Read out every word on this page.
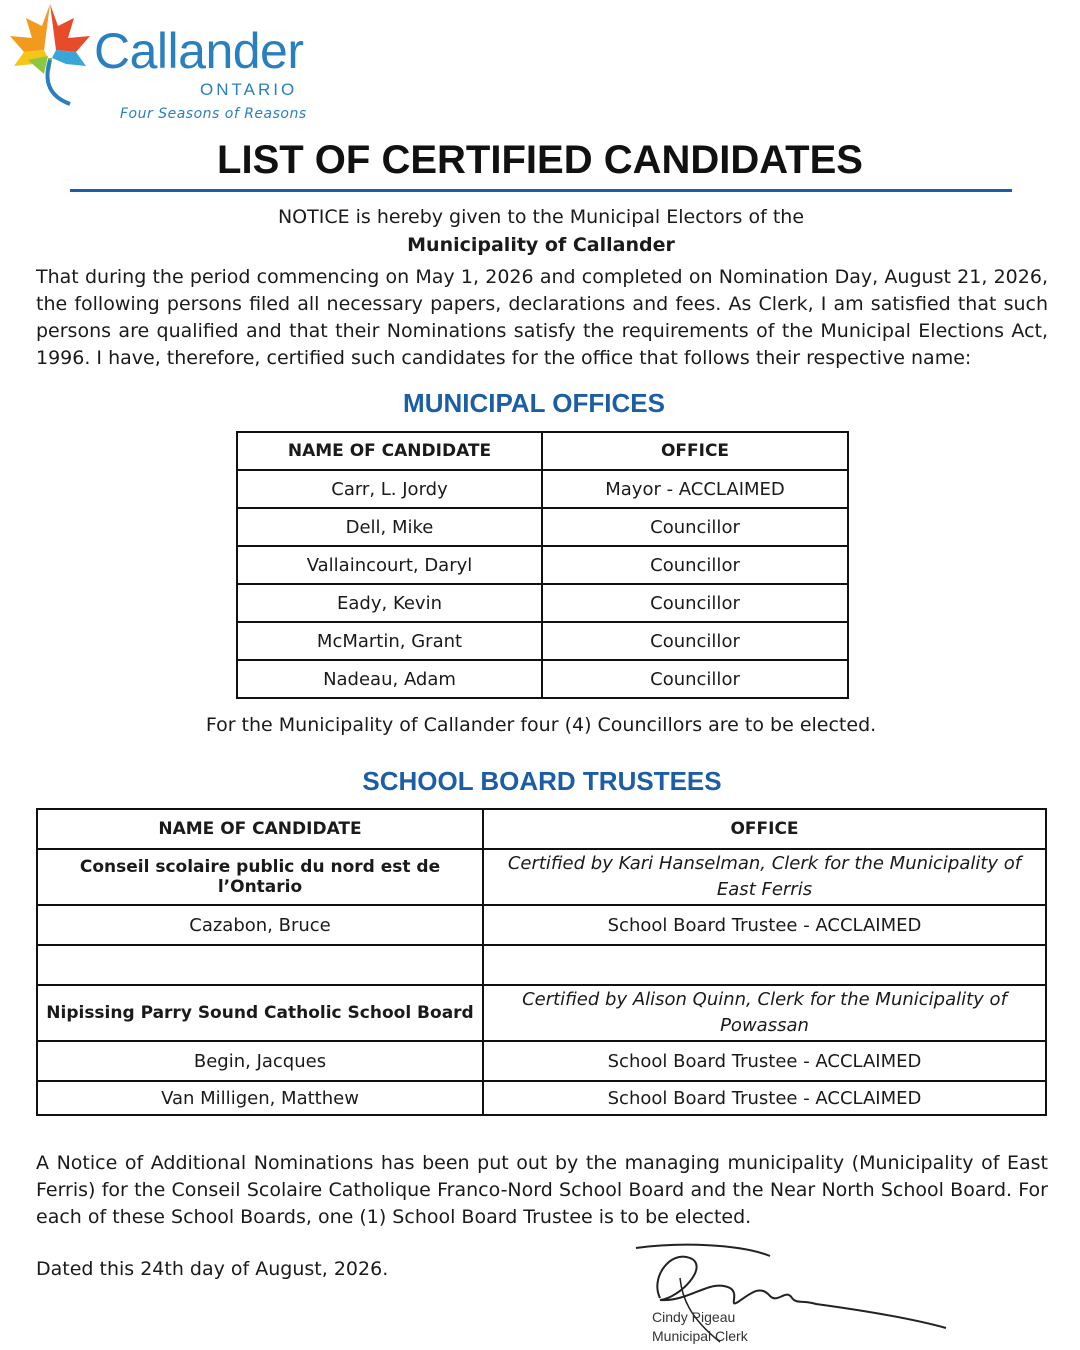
Callander
ONTARIO
Four Seasons of Reasons
LIST OF CERTIFIED CANDIDATES
NOTICE is hereby given to the Municipal Electors of the
Municipality of Callander
That during the period commencing on May 1, 2026 and completed on Nomination Day, August 21, 2026, the following persons filed all necessary papers, declarations and fees. As Clerk, I am satisfied that such persons are qualified and that their Nominations satisfy the requirements of the Municipal Elections Act, 1996. I have, therefore, certified such candidates for the office that follows their respective name:
MUNICIPAL OFFICES
NAME OF CANDIDATE	OFFICE
Carr, L. Jordy	Mayor - ACCLAIMED
Dell, Mike	Councillor
Vallaincourt, Daryl	Councillor
Eady, Kevin	Councillor
McMartin, Grant	Councillor
Nadeau, Adam	Councillor
For the Municipality of Callander four (4) Councillors are to be elected.
SCHOOL BOARD TRUSTEES
NAME OF CANDIDATE	OFFICE
Conseil scolaire public du nord est de l’Ontario	Certified by Kari Hanselman, Clerk for the Municipality of East Ferris
Cazabon, Bruce	School Board Trustee - ACCLAIMED

Nipissing Parry Sound Catholic School Board	Certified by Alison Quinn, Clerk for the Municipality of Powassan
Begin, Jacques	School Board Trustee - ACCLAIMED
Van Milligen, Matthew	School Board Trustee - ACCLAIMED
A Notice of Additional Nominations has been put out by the managing municipality (Municipality of East Ferris) for the Conseil Scolaire Catholique Franco-Nord School Board and the Near North School Board. For each of these School Boards, one (1) School Board Trustee is to be elected.
Dated this 24th day of August, 2026.
Cindy Pigeau
Municipal Clerk
